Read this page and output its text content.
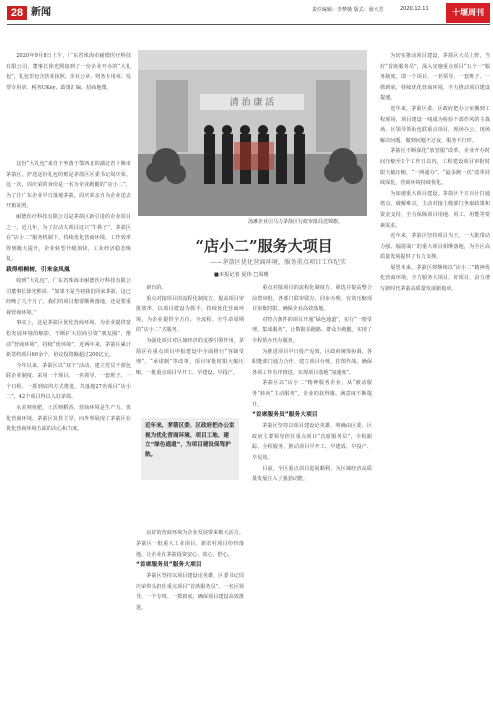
28 新闻	责任编辑：李梦薇 版式：聂大芳	2020.12.11	十堰周刊

2020年9月8日上午，广东省珠海市耐德医疗科技有限公司、董事长徐光熙接到了一份企业开办的“大礼包”，礼包里包含营业执照、企业公章、财务专用章、发票专用章、税务UKey、政策汇编、招商地图。

这份“大礼包”来自于坐落于鄂西北的湖北省十堰市茅箭区。护送这份礼包的则是茅箭区区委书记周庆荣。这一次，周庆荣的身份是一名为企业跑腿的“店小二”，为了让广东企业早日落地茅箭，周庆荣亲自为企业送去开箱证照。

耐德医疗科技有限公司是茅箭区新引进的企业项目之一。近几年，为了拉动大项目这只“牛鼻子”，茅箭区在“店小二”服务机制下，持续优化营商环境，工作效率得到极大提升，企业转型升级加快，工业经济稳态恢复。

栽得梧桐树，引来金凤凰

收到“大礼包”，广东省珠海市耐德医疗科技有限公司董事长徐光熙说：“如果不是当初我们同来茅箭，这已经晚了几个月了，我们的项目想要顺利落地，还是要重视营商环境。”

事实上，这是茅箭区优化营商环境、为企业提供宽松发展环境的缩影。不断扩大招商引资“朋友圈”，推动“营商环境”，持续“优环境”，近两年来，茅箭区累计新签约项目60余个，协议投资额超过200亿元。

今年以来，茅箭区以“双千”活动、建立党员干部包联企业制度，采用一个项目、一名领导、一套班子、一个日程、一抓到底的方式推进，共落地27名项目“店小二”，42个项目得以入驻茅箭。

水美则鱼肥，土沃则稻香，营商环境是生产力。优化营商环境，茅箭区发挥主导，向外界展现了茅箭区在优化营商环境方面的决心和力度。

清 治 康 活
汤滩企业引马力茅箭区行政审批局送锦旗。
“店小二”服务大项目
——茅箭区优化营商环境、服务重点项目工作纪实
■本报记者 夏伟 □周瑾

新台阶。

重点对接项目的流程化制度方，提高项目审批效率，以项目建设为抓手，持续优化营商环境，为企业提供全方位、全流程、全生命周期的“店小二”式服务。

为强化项目对区域经济的支撑引领作用，茅箭区在重点项目申报建设中全面推行“容缺受理”、“承诺制”等改革，项目审批时限大幅压缩，一批重点项目早开工、早建设、早投产。

良好的营商环境为企业发展带来极大活力。茅箭区一批重大工业项目、新农村项目纷纷落地，让企业在茅箭投资安心、放心、舒心。

“首席服务员”服务大项目

茅箭区坚持以项目建设论英雄，区委书记周庆荣带头担任重点项目“首席服务员”，一名区领导、一个专班、一抓到底，确保项目建设高效推进。

近年来，茅箭区委、区政府把办公室视为优化营商环境、项目工地、建立“绿色通道”，为项目建设保驾护航。

重点对接项目的流程化制度方，筛选并提高整合前置审批，各部门联审联办，同步办理，有效压缩项目审批时限，确保企业高效落地。

对符合条件的项目开通“绿色通道”，实行“一窗受理、集成服务”，让数据多跑路、群众少跑腿，实现了全程帮办代办服务。

为推进项目早日投产见效，区政府统筹协调，各职能部门通力合作，建立项目台账、挂图作战，确保各项工作有序推进，实现项目落地“加速度”。

茅箭区以“店小二”精神服务企业，从“被动服务”转向“主动服务”，企业的获得感、满意度不断提升。

“首席服务员”服务大项目

茅箭区坚持以项目建设论英雄，明确由区委、区政府主要领导担任重点项目“首席服务员”，全程跟踪、全程服务，推动项目早开工、早建成、早投产、早见效。

目前，全区重点项目进展顺利，为区域经济高质量发展注入了强劲动能。

为切实推动项目建设，茅箭区大员上阵，当好“首席服务员”，深入实施重点项目“五个一”服务制度，即一个项目、一名领导、一套班子、一抓到底，持续优化营商环境，全力推动项目建设提速。

近年来，茅箭区委、区政府把办公室搬到工程现场，项目建设一线成为检验干部作风的主战场。区领导领衔包联重点项目，现场办公，现场解决问题，做到问题不过夜，服务不打烊。

茅箭区不断深化“放管服”改革，企业开办时间压缩至1个工作日以内，工程建设项目审批时限大幅压缩，“一网通办”、“最多跑一次”改革持续深化，营商环境持续优化。

为加速重大项目建设，茅箭区干方百计打通堵点、破解难点，主动对接上级部门争取政策和资金支持，全力保障项目用地、用工、用能等要素需求。

近年来，茅箭区坚持项目为王，一大批带动力强、辐射面广的重大项目相继落地，为全区高质量发展提供了有力支撑。

展望未来，茅箭区将继续以“店小二”精神优化营商环境，全力服务大项目、好项目，奋力谱写新时代茅箭高质量发展新篇章。
